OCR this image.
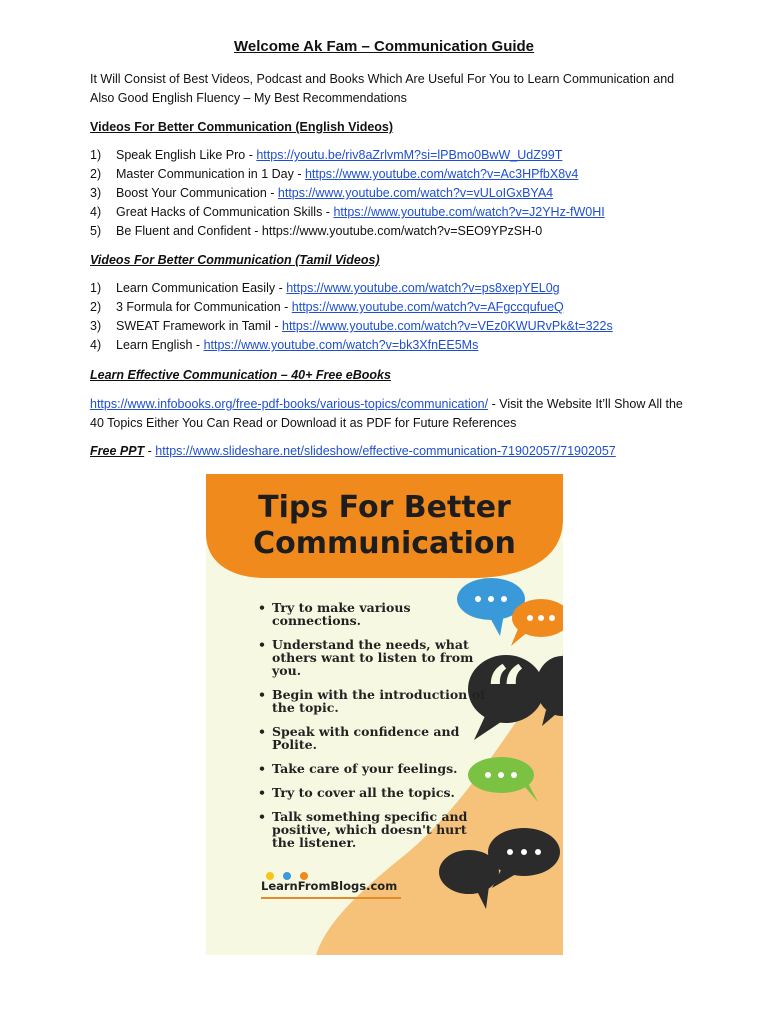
Welcome Ak Fam – Communication Guide
It Will Consist of Best Videos, Podcast and Books Which Are Useful For You to Learn Communication and Also Good English Fluency – My Best Recommendations
Videos For Better Communication (English Videos)
1) Speak English Like Pro - https://youtu.be/riv8aZrlvmM?si=lPBmo0BwW_UdZ99T
2) Master Communication in 1 Day - https://www.youtube.com/watch?v=Ac3HPfbX8v4
3) Boost Your Communication - https://www.youtube.com/watch?v=vULoIGxBYA4
4) Great Hacks of Communication Skills - https://www.youtube.com/watch?v=J2YHz-fW0HI
5) Be Fluent and Confident - https://www.youtube.com/watch?v=SEO9YPzSH-0
Videos For Better Communication (Tamil Videos)
1) Learn Communication Easily - https://www.youtube.com/watch?v=ps8xepYEL0g
2) 3 Formula for Communication - https://www.youtube.com/watch?v=AFgccqufueQ
3) SWEAT Framework in Tamil - https://www.youtube.com/watch?v=VEz0KWURvPk&t=322s
4) Learn English - https://www.youtube.com/watch?v=bk3XfnEE5Ms
Learn Effective Communication – 40+ Free eBooks
https://www.infobooks.org/free-pdf-books/various-topics/communication/ - Visit the Website It’ll Show All the 40 Topics Either You Can Read or Download it as PDF for Future References
Free PPT - https://www.slideshare.net/slideshow/effective-communication-71902057/71902057
“
Tips For Better
Communication
• Try to make various connections.
• Understand the needs, what others want to listen to from you.
• Begin with the introduction of the topic.
• Speak with confidence and Polite.
• Take care of your feelings.
• Try to cover all the topics.
• Talk something specific and positive, which doesn't hurt the listener.
LearnFromBlogs.com
